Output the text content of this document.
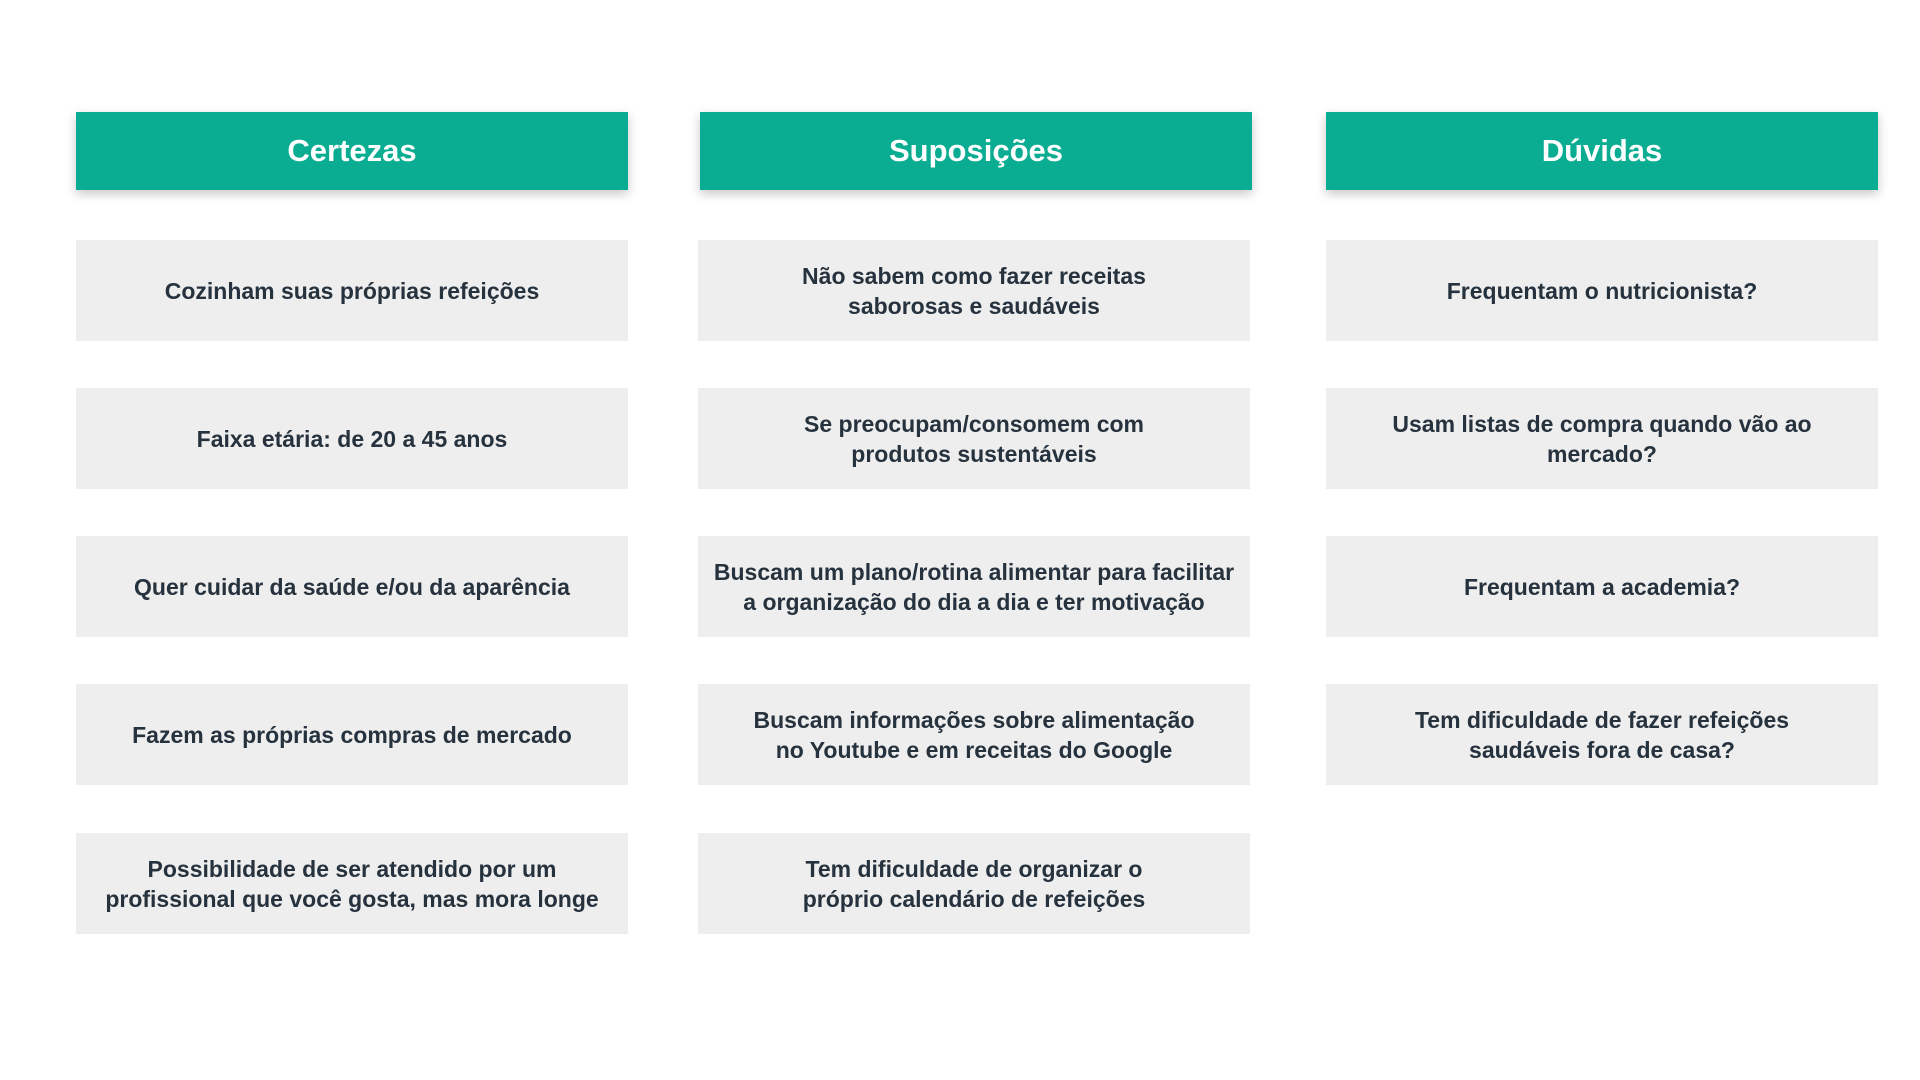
Certezas
Cozinham suas próprias refeições
Faixa etária: de 20 a 45 anos
Quer cuidar da saúde e/ou da aparência
Fazem as próprias compras de mercado
Possibilidade de ser atendido por um
profissional que você gosta, mas mora longe
Suposições
Não sabem como fazer receitas
saborosas e saudáveis
Se preocupam/consomem com
produtos sustentáveis
Buscam um plano/rotina alimentar para facilitar
a organização do dia a dia e ter motivação
Buscam informações sobre alimentação
no Youtube e em receitas do Google
Tem dificuldade de organizar o
próprio calendário de refeições
Dúvidas
Frequentam o nutricionista?
Usam listas de compra quando vão ao
mercado?
Frequentam a academia?
Tem dificuldade de fazer refeições
saudáveis fora de casa?
